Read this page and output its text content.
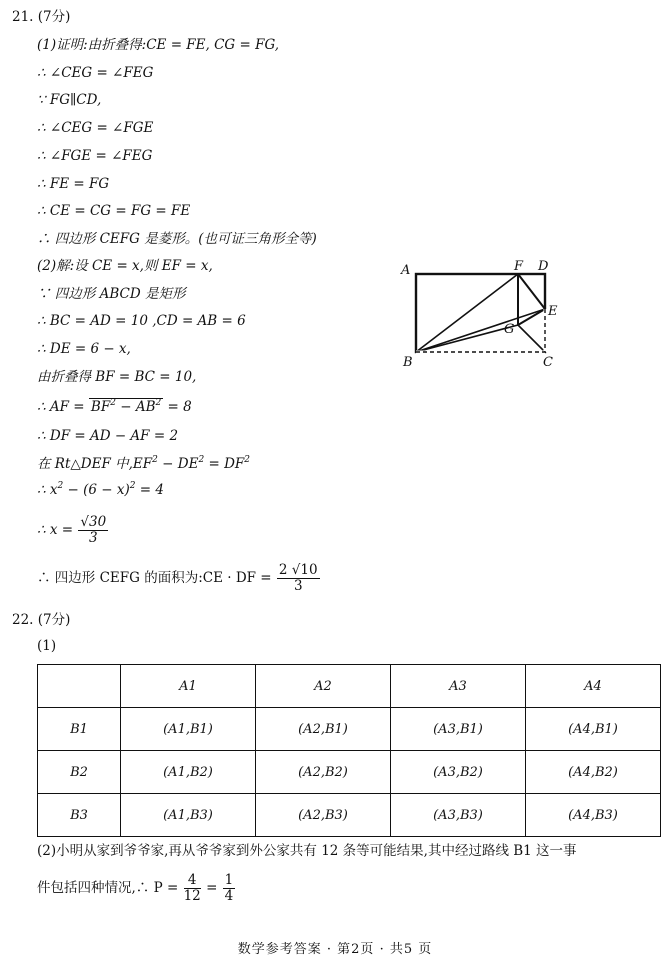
21. (7分)
(1)证明:由折叠得:CE = FE, CG = FG,
∴ ∠CEG = ∠FEG
∵ FG∥CD,
∴ ∠CEG = ∠FGE
∴ ∠FGE = ∠FEG
∴ FE = FG
∴ CE = CG = FG = FE
∴ 四边形 CEFG 是菱形。(也可证三角形全等)
(2)解:设 CE = x,则 EF = x,
∵ 四边形 ABCD 是矩形
∴ BC = AD = 10 ,CD = AB = 6
∴ DE = 6 − x,
由折叠得 BF = BC = 10,
∴ AF = $BF^2 - AB^2 = 8$
∴ DF = AD − AF = 2
在 Rt△DEF 中$,EF^2 - DE^2 = DF^2$
∴ $x^2 - (6 - x)^2 = 4$
∴ $x = \frac{√30}{3}$
∴ 四边形 CEFG 的面积为:CE · DF = $\frac{2 √10}{3}$
A	F D
E
G
B	C
22. (7分)
(1)
	A1	A2	A3	A4
B1	(A1,B1)	(A2,B1)	(A3,B1)	(A4,B1)
B2	(A1,B2)	(A2,B2)	(A3,B2)	(A4,B2)
B3	(A1,B3)	(A2,B3)	(A3,B3)	(A4,B3)
(2)小明从家到爷爷家,再从爷爷家到外公家共有 12 条等可能结果,其中经过路线 B1 这一事
件包括四种情况,∴ $P = \frac{4}{12} = \frac{1}{4}$
数学参考答案 · 第2页 · 共5 页
